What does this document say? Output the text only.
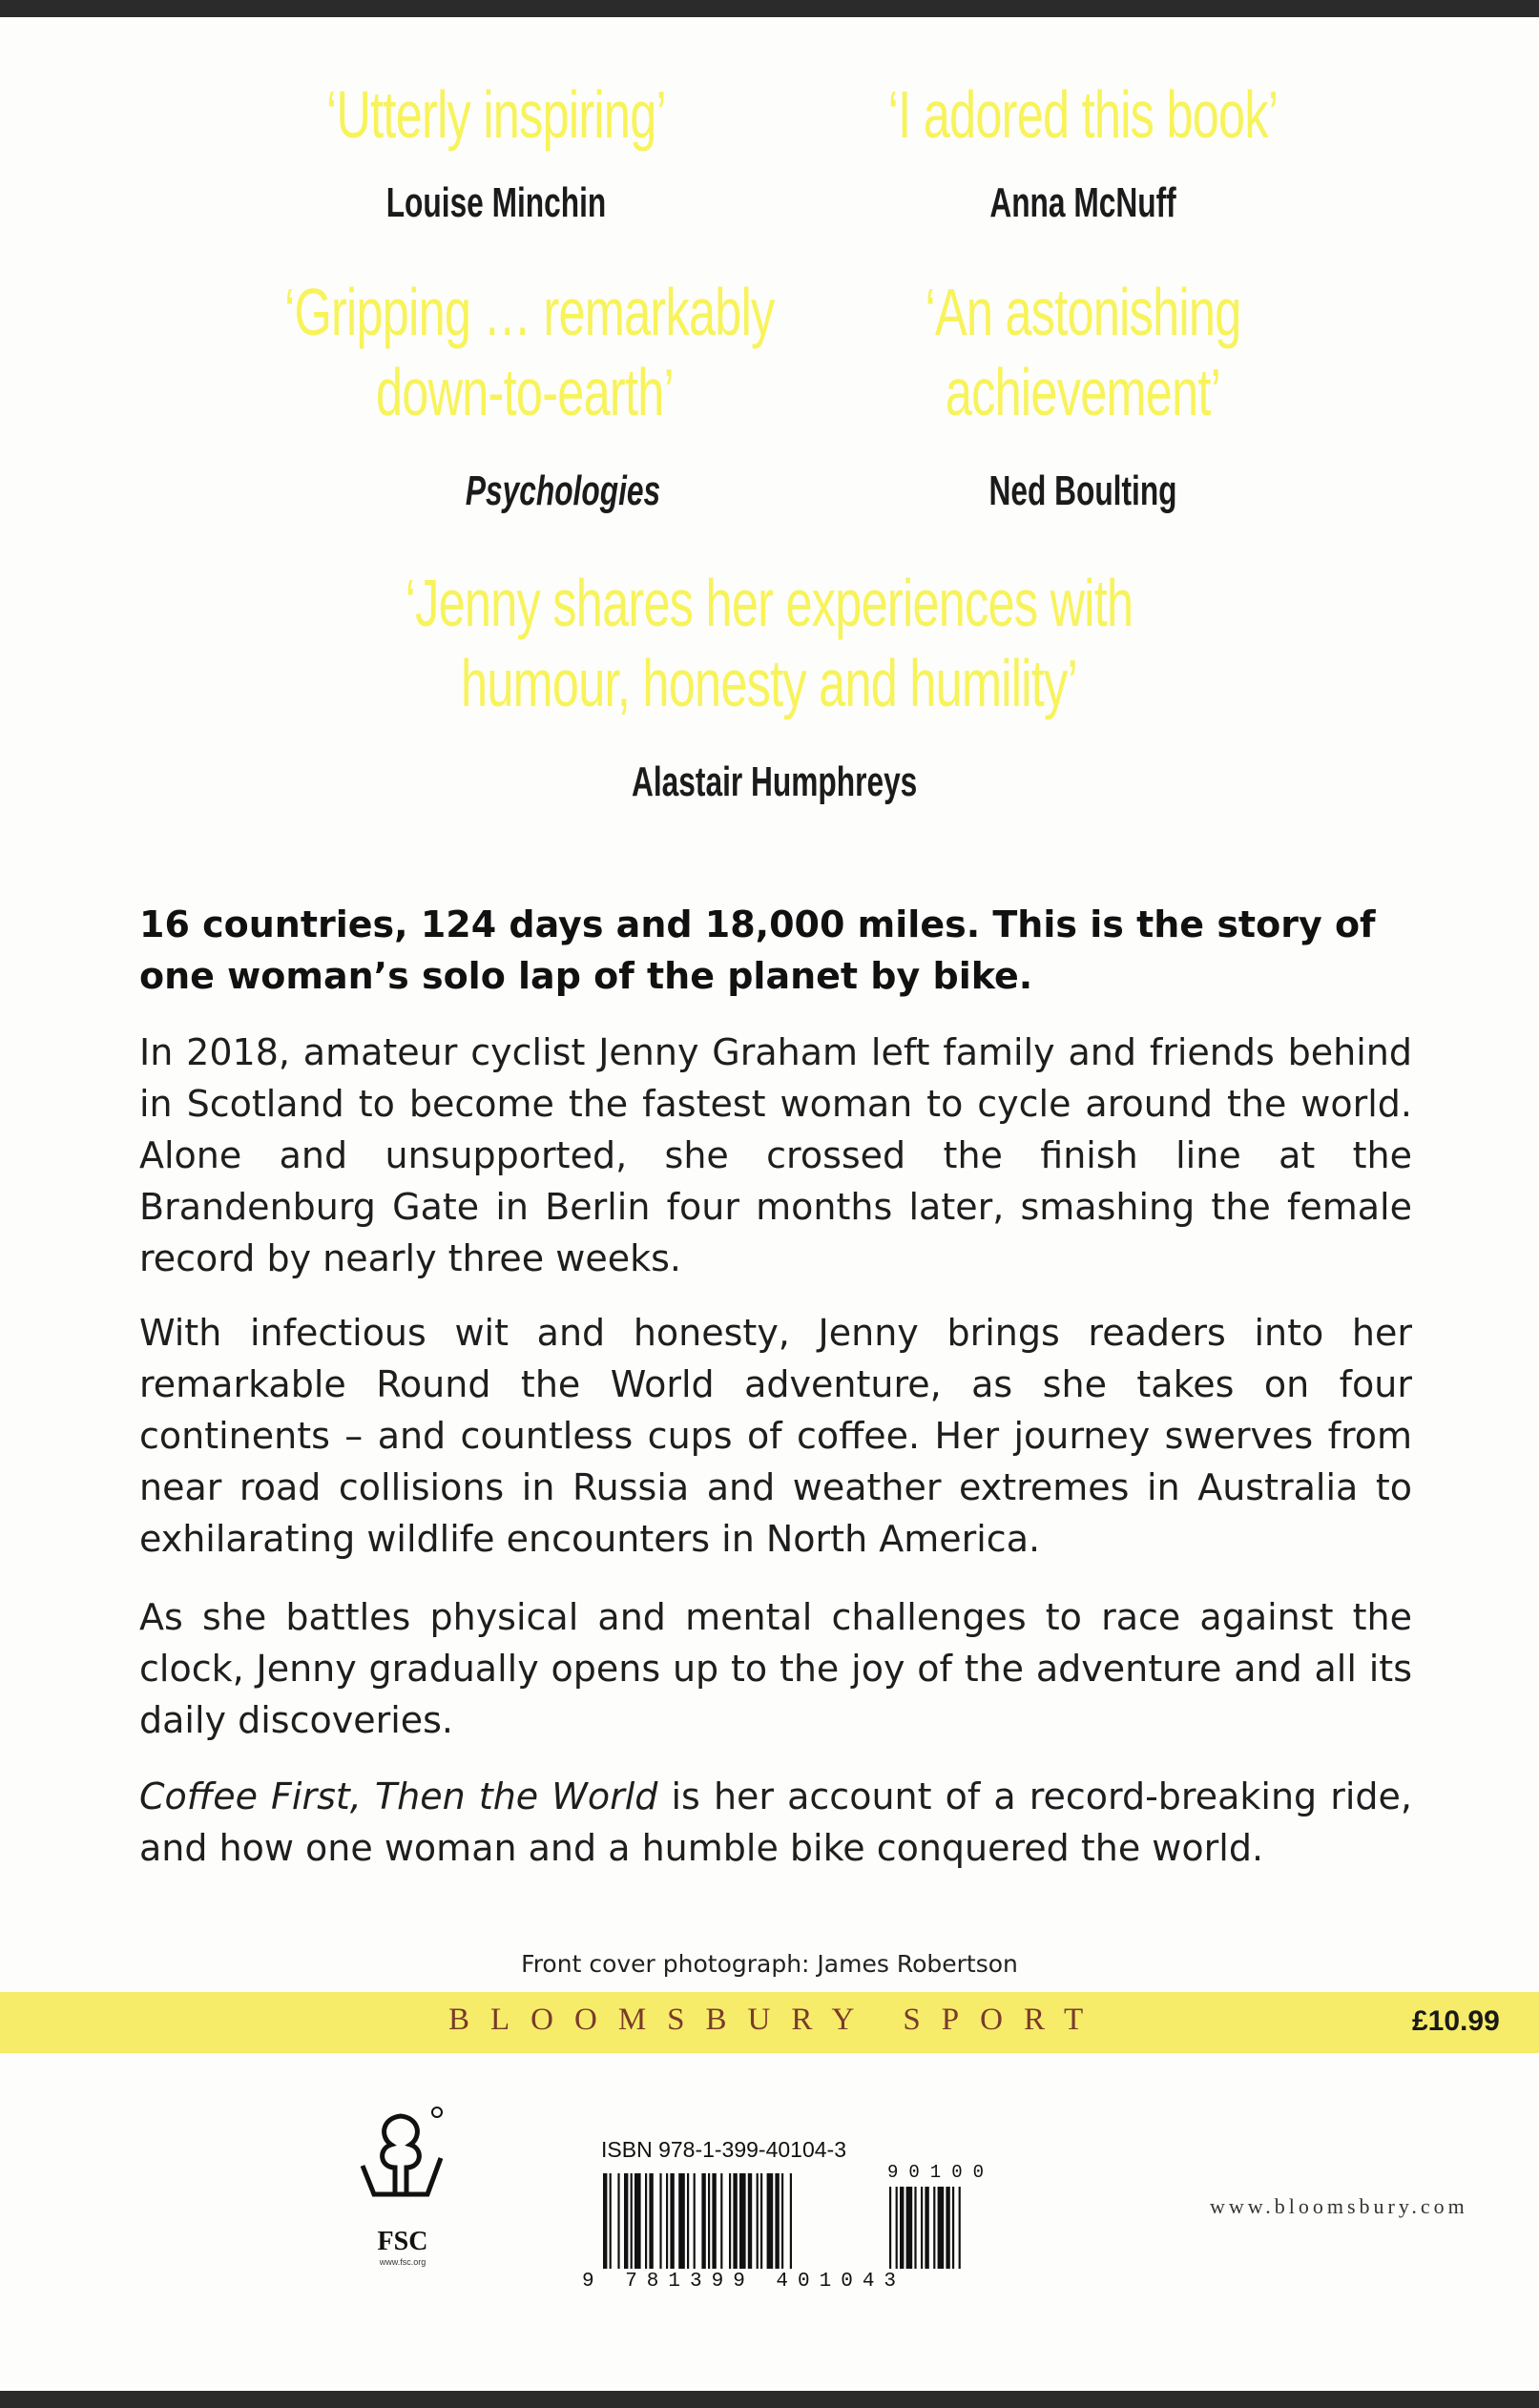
‘Utterly inspiring’
Louise Minchin
‘I adored this book’
Anna McNuff
‘Gripping … remarkably
down-to-earth’
Psychologies
‘An astonishing
achievement’
Ned Boulting
‘Jenny shares her experiences with
humour, honesty and humility’
Alastair Humphreys
16 countries, 124 days and 18,000 miles. This is the story of one woman’s solo lap of the planet by bike.
In 2018, amateur cyclist Jenny Graham left family and friends behind in Scotland to become the fastest woman to cycle around the world. Alone and unsupported, she crossed the finish line at the Brandenburg Gate in Berlin four months later, smashing the female record by nearly three weeks.
With infectious wit and honesty, Jenny brings readers into her remarkable Round the World adventure, as she takes on four continents – and countless cups of coffee. Her journey swerves from near road collisions in Russia and weather extremes in Australia to exhilarating wildlife encounters in North America.
As she battles physical and mental challenges to race against the clock, Jenny gradually opens up to the joy of the adventure and all its daily discoveries.
Coffee First, Then the World is her account of a record-breaking ride, and how one woman and a humble bike conquered the world.
Front cover photograph: James Robertson
BLOOMSBURY SPORT	£10.99
FSC
www.fsc.org
ISBN 978-1-399-40104-3
90100
9 781399 401043
www.bloomsbury.com
